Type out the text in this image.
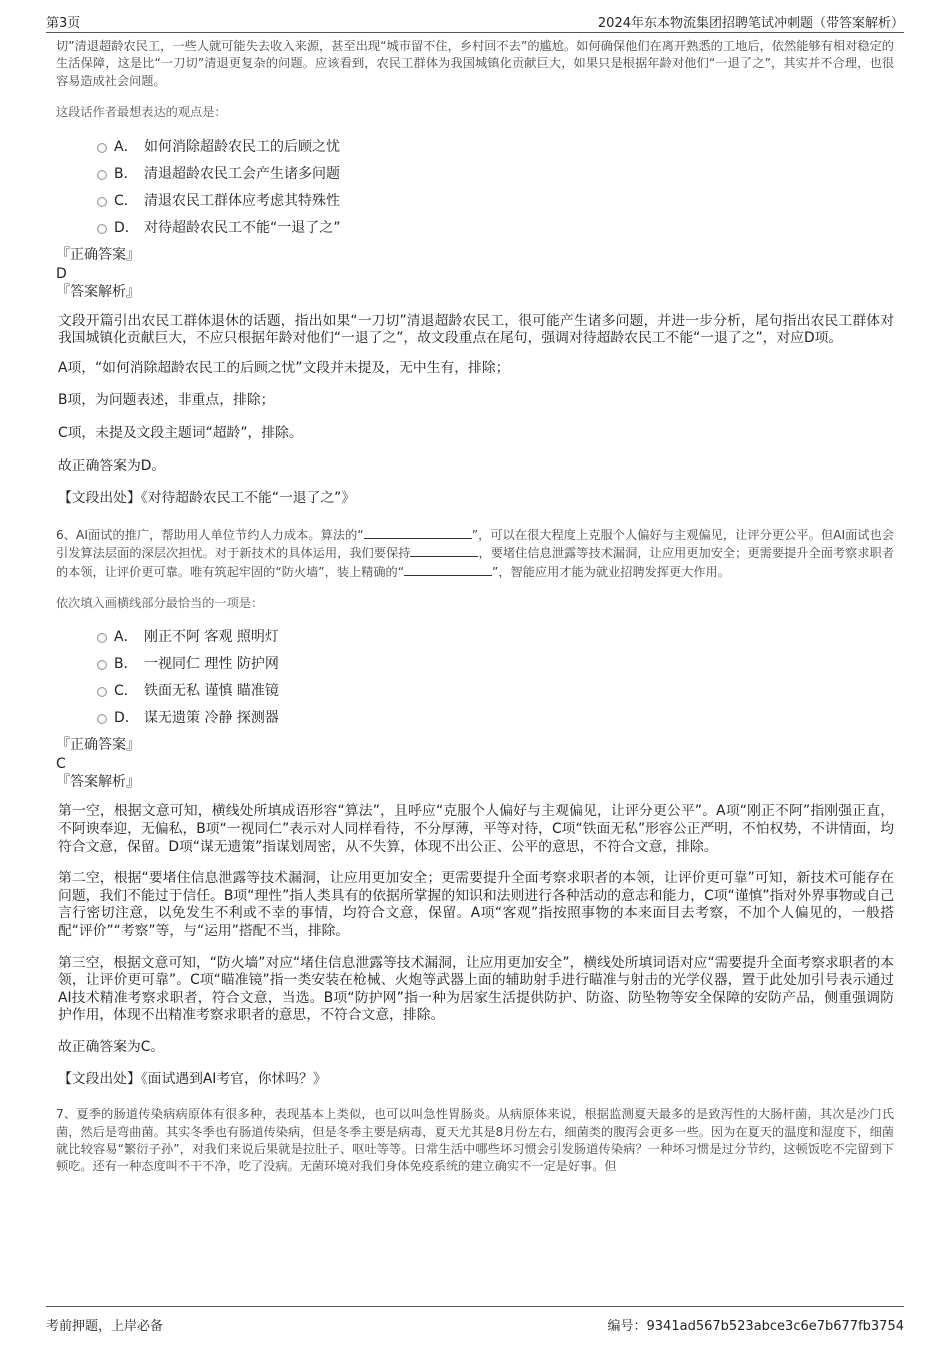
第3页	2024年东本物流集团招聘笔试冲刺题（带答案解析）

切”清退超龄农民工，一些人就可能失去收入来源，甚至出现“城市留不住，乡村回不去”的尴尬。如何确保他们在离开熟悉的工地后，依然能够有相对稳定的生活保障，这是比“一刀切”清退更复杂的问题。应该看到，农民工群体为我国城镇化贡献巨大，如果只是根据年龄对他们“一退了之”，其实并不合理，也很容易造成社会问题。

这段话作者最想表达的观点是：

A． 如何消除超龄农民工的后顾之忧
B． 清退超龄农民工会产生诸多问题
C． 清退农民工群体应考虑其特殊性
D． 对待超龄农民工不能“一退了之”

『正确答案』

D

『答案解析』

文段开篇引出农民工群体退休的话题，指出如果“一刀切”清退超龄农民工，很可能产生诸多问题，并进一步分析，尾句指出农民工群体对我国城镇化贡献巨大，不应只根据年龄对他们“一退了之”，故文段重点在尾句，强调对待超龄农民工不能“一退了之”，对应D项。

A项，“如何消除超龄农民工的后顾之忧”文段并未提及，无中生有，排除；

B项，为问题表述，非重点，排除；

C项，未提及文段主题词“超龄”，排除。

故正确答案为D。

【文段出处】《对待超龄农民工不能“一退了之”》

6、AI面试的推广，帮助用人单位节约人力成本。算法的“	”，可以在很大程度上克服个人偏好与主观偏见，让评分更公平。但AI面试也会引发算法层面的深层次担忧。对于新技术的具体运用，我们要保持	，要堵住信息泄露等技术漏洞，让应用更加安全；更需要提升全面考察求职者的本领，让评价更可靠。唯有筑起牢固的“防火墙”，装上精确的“	”，智能应用才能为就业招聘发挥更大作用。

依次填入画横线部分最恰当的一项是：

A． 刚正不阿 客观 照明灯
B． 一视同仁 理性 防护网
C． 铁面无私 谨慎 瞄准镜
D． 谋无遗策 冷静 探测器

『正确答案』

C

『答案解析』

第一空，根据文意可知，横线处所填成语形容“算法”，且呼应“克服个人偏好与主观偏见，让评分更公平”。A项“刚正不阿”指刚强正直，不阿谀奉迎，无偏私，B项“一视同仁”表示对人同样看待，不分厚薄，平等对待，C项“铁面无私”形容公正严明，不怕权势，不讲情面，均符合文意，保留。D项“谋无遗策”指谋划周密，从不失算，体现不出公正、公平的意思，不符合文意，排除。

第二空，根据“要堵住信息泄露等技术漏洞，让应用更加安全；更需要提升全面考察求职者的本领，让评价更可靠”可知，新技术可能存在问题，我们不能过于信任。B项“理性”指人类具有的依据所掌握的知识和法则进行各种活动的意志和能力，C项“谨慎”指对外界事物或自己言行密切注意，以免发生不利或不幸的事情，均符合文意，保留。A项“客观”指按照事物的本来面目去考察，不加个人偏见的，一般搭配“评价”“考察”等，与“运用”搭配不当，排除。

第三空，根据文意可知，“防火墙”对应“堵住信息泄露等技术漏洞，让应用更加安全”，横线处所填词语对应“需要提升全面考察求职者的本领，让评价更可靠”。C项“瞄准镜”指一类安装在枪械、火炮等武器上面的辅助射手进行瞄准与射击的光学仪器，置于此处加引号表示通过AI技术精准考察求职者，符合文意，当选。B项“防护网”指一种为居家生活提供防护、防盗、防坠物等安全保障的安防产品，侧重强调防护作用，体现不出精准考察求职者的意思，不符合文意，排除。

故正确答案为C。

【文段出处】《面试遇到AI考官，你怵吗？》

7、夏季的肠道传染病病原体有很多种，表现基本上类似，也可以叫急性胃肠炎。从病原体来说，根据监测夏天最多的是致泻性的大肠杆菌，其次是沙门氏菌，然后是弯曲菌。其实冬季也有肠道传染病，但是冬季主要是病毒，夏天尤其是8月份左右，细菌类的腹泻会更多一些。因为在夏天的温度和湿度下，细菌就比较容易“繁衍子孙”，对我们来说后果就是拉肚子、呕吐等等。日常生活中哪些坏习惯会引发肠道传染病？一种坏习惯是过分节约，这顿饭吃不完留到下顿吃。还有一种态度叫不干不净，吃了没病。无菌环境对我们身体免疫系统的建立确实不一定是好事。但

考前押题，上岸必备	编号：9341ad567b523abce3c6e7b677fb3754
